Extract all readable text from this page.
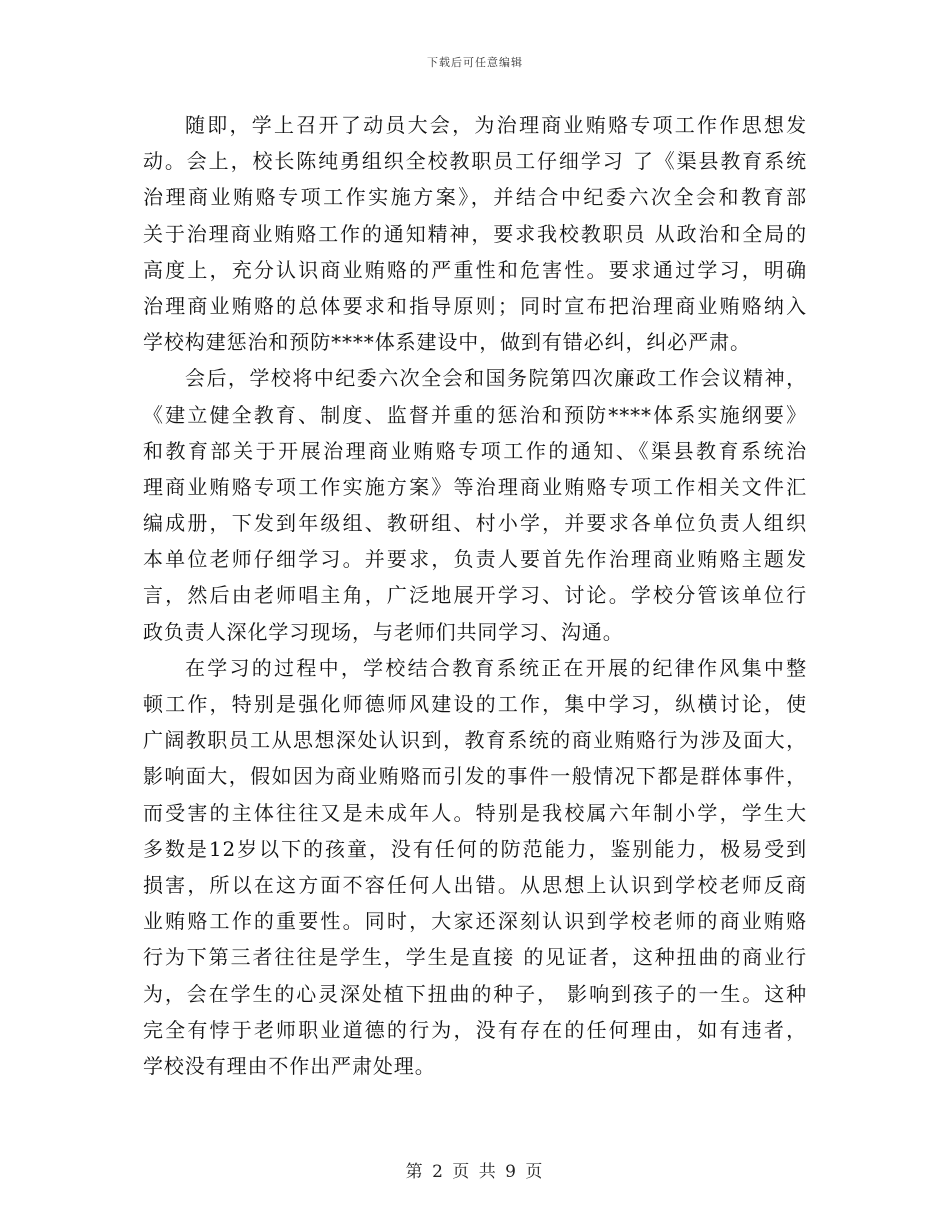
下载后可任意编辑
随即，学上召开了动员大会，为治理商业贿赂专项工作作思想发
动。会上，校长陈纯勇组织全校教职员工仔细学习 了《渠县教育系统
治理商业贿赂专项工作实施方案》，并结合中纪委六次全会和教育部
关于治理商业贿赂工作的通知精神，要求我校教职员 从政治和全局的
高度上，充分认识商业贿赂的严重性和危害性。要求通过学习，明确
治理商业贿赂的总体要求和指导原则；同时宣布把治理商业贿赂纳入
学校构建惩治和预防****体系建设中，做到有错必纠，纠必严肃。
会后，学校将中纪委六次全会和国务院第四次廉政工作会议精神，
《建立健全教育、制度、监督并重的惩治和预防****体系实施纲要》
和教育部关于开展治理商业贿赂专项工作的通知、《渠县教育系统治
理商业贿赂专项工作实施方案》等治理商业贿赂专项工作相关文件汇
编成册，下发到年级组、教研组、村小学，并要求各单位负责人组织
本单位老师仔细学习。并要求，负责人要首先作治理商业贿赂主题发
言，然后由老师唱主角，广泛地展开学习、讨论。学校分管该单位行
政负责人深化学习现场，与老师们共同学习、沟通。
在学习的过程中，学校结合教育系统正在开展的纪律作风集中整
顿工作，特别是强化师德师风建设的工作，集中学习，纵横讨论，使
广阔教职员工从思想深处认识到，教育系统的商业贿赂行为涉及面大，
影响面大，假如因为商业贿赂而引发的事件一般情况下都是群体事件，
而受害的主体往往又是未成年人。特别是我校属六年制小学，学生大
多数是12岁以下的孩童，没有任何的防范能力，鉴别能力，极易受到
损害，所以在这方面不容任何人出错。从思想上认识到学校老师反商
业贿赂工作的重要性。同时，大家还深刻认识到学校老师的商业贿赂
行为下第三者往往是学生，学生是直接 的见证者，这种扭曲的商业行
为，会在学生的心灵深处植下扭曲的种子， 影响到孩子的一生。这种
完全有悖于老师职业道德的行为，没有存在的任何理由，如有违者，
学校没有理由不作出严肃处理。
第 2 页 共 9 页
